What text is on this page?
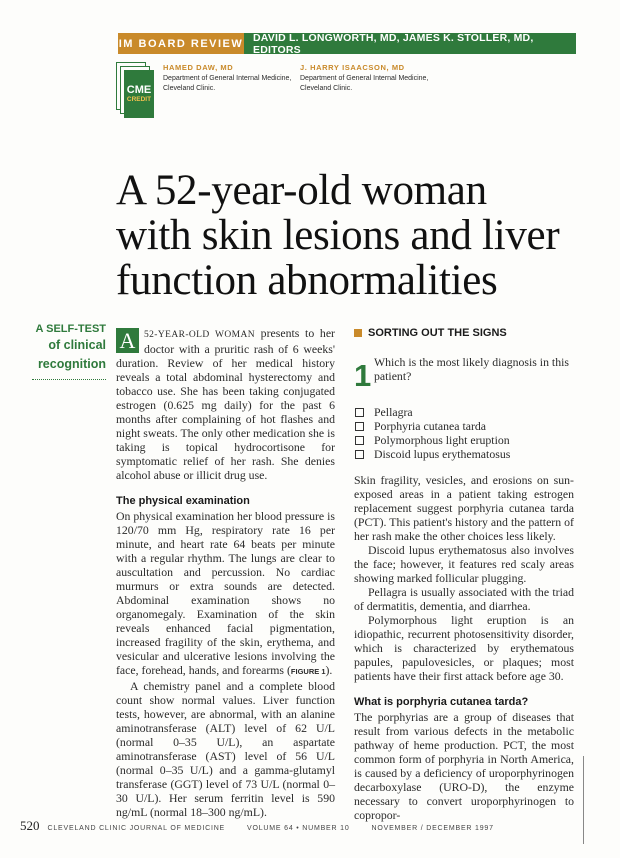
IM BOARD REVIEW DAVID L. LONGWORTH, MD, JAMES K. STOLLER, MD, EDITORS
CME
CREDIT
HAMED DAW, MD
Department of General Internal Medicine,
Cleveland Clinic.
J. HARRY ISAACSON, MD
Department of General Internal Medicine,
Cleveland Clinic.
A 52-year-old woman
with skin lesions and liver
function abnormalities
A SELF-TEST
of clinical
recognition

A 52-YEAR-OLD WOMAN presents to her doctor with a pruritic rash of 6 weeks' duration. Review of her medical history reveals a total abdominal hysterectomy and tobacco use. She has been taking conjugated estrogen (0.625 mg daily) for the past 6 months after complaining of hot flashes and night sweats. The only other medication she is taking is topical hydrocortisone for symptomatic relief of her rash. She denies alcohol abuse or illicit drug use.

The physical examination

On physical examination her blood pressure is 120/70 mm Hg, respiratory rate 16 per minute, and heart rate 64 beats per minute with a regular rhythm. The lungs are clear to auscultation and percussion. No cardiac murmurs or extra sounds are detected. Abdominal examination shows no organomegaly. Examination of the skin reveals enhanced facial pigmentation, increased fragility of the skin, erythema, and vesicular and ulcerative lesions involving the face, forehead, hands, and forearms (FIGURE 1).

A chemistry panel and a complete blood count show normal values. Liver function tests, however, are abnormal, with an alanine aminotransferase (ALT) level of 62 U/L (normal 0–35 U/L), an aspartate aminotransferase (AST) level of 56 U/L (normal 0–35 U/L) and a gamma-glutamyl transferase (GGT) level of 73 U/L (normal 0–30 U/L). Her serum ferritin level is 590 ng/mL (normal 18–300 ng/mL).

SORTING OUT THE SIGNS
1 Which is the most likely diagnosis in this patient?
Pellagra
Porphyria cutanea tarda
Polymorphous light eruption
Discoid lupus erythematosus

Skin fragility, vesicles, and erosions on sun-exposed areas in a patient taking estrogen replacement suggest porphyria cutanea tarda (PCT). This patient's history and the pattern of her rash make the other choices less likely.

Discoid lupus erythematosus also involves the face; however, it features red scaly areas showing marked follicular plugging.

Pellagra is usually associated with the triad of dermatitis, dementia, and diarrhea.

Polymorphous light eruption is an idiopathic, recurrent photosensitivity disorder, which is characterized by erythematous papules, papulovesicles, or plaques; most patients have their first attack before age 30.

What is porphyria cutanea tarda?

The porphyrias are a group of diseases that result from various defects in the metabolic pathway of heme production. PCT, the most common form of porphyria in North America, is caused by a deficiency of uroporphyrinogen decarboxylase (URO-D), the enzyme necessary to convert uroporphyrinogen to copropor-

520 CLEVELAND CLINIC JOURNAL OF MEDICINE	VOLUME 64 • NUMBER 10	NOVEMBER / DECEMBER 1997
